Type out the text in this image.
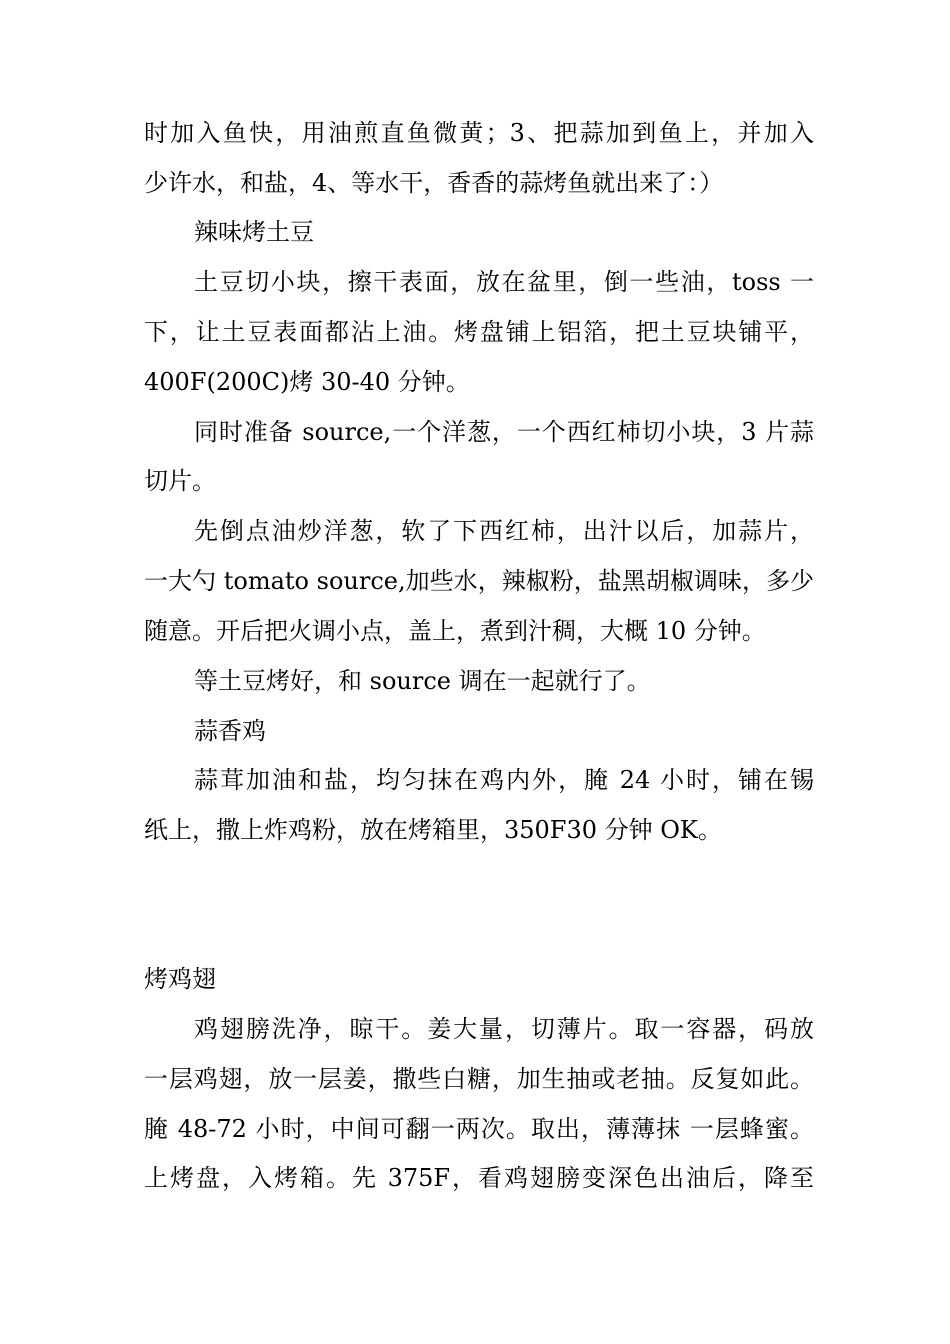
时加入鱼快，用油煎直鱼微黄；3、把蒜加到鱼上，并加入
少许水，和盐，4、等水干，香香的蒜烤鱼就出来了：）
辣味烤土豆
土豆切小块，擦干表面，放在盆里，倒一些油，toss 一
下，让土豆表面都沾上油。烤盘铺上铝箔，把土豆块铺平，
400F(200C)烤 30-40 分钟。
同时准备 source,一个洋葱，一个西红柿切小块，3 片蒜
切片。
先倒点油炒洋葱，软了下西红柿，出汁以后，加蒜片，
一大勺 tomato source,加些水，辣椒粉，盐黑胡椒调味，多少
随意。开后把火调小点，盖上，煮到汁稠，大概 10 分钟。
等土豆烤好，和 source 调在一起就行了。
蒜香鸡
蒜茸加油和盐，均匀抹在鸡内外，腌 24 小时，铺在锡
纸上，撒上炸鸡粉，放在烤箱里，350F30 分钟 OK。
烤鸡翅
鸡翅膀洗净，晾干。姜大量，切薄片。取一容器，码放
一层鸡翅，放一层姜，撒些白糖，加生抽或老抽。反复如此。
腌 48-72 小时，中间可翻一两次。取出，薄薄抹 一层蜂蜜。
上烤盘，入烤箱。先 375F，看鸡翅膀变深色出油后，降至
